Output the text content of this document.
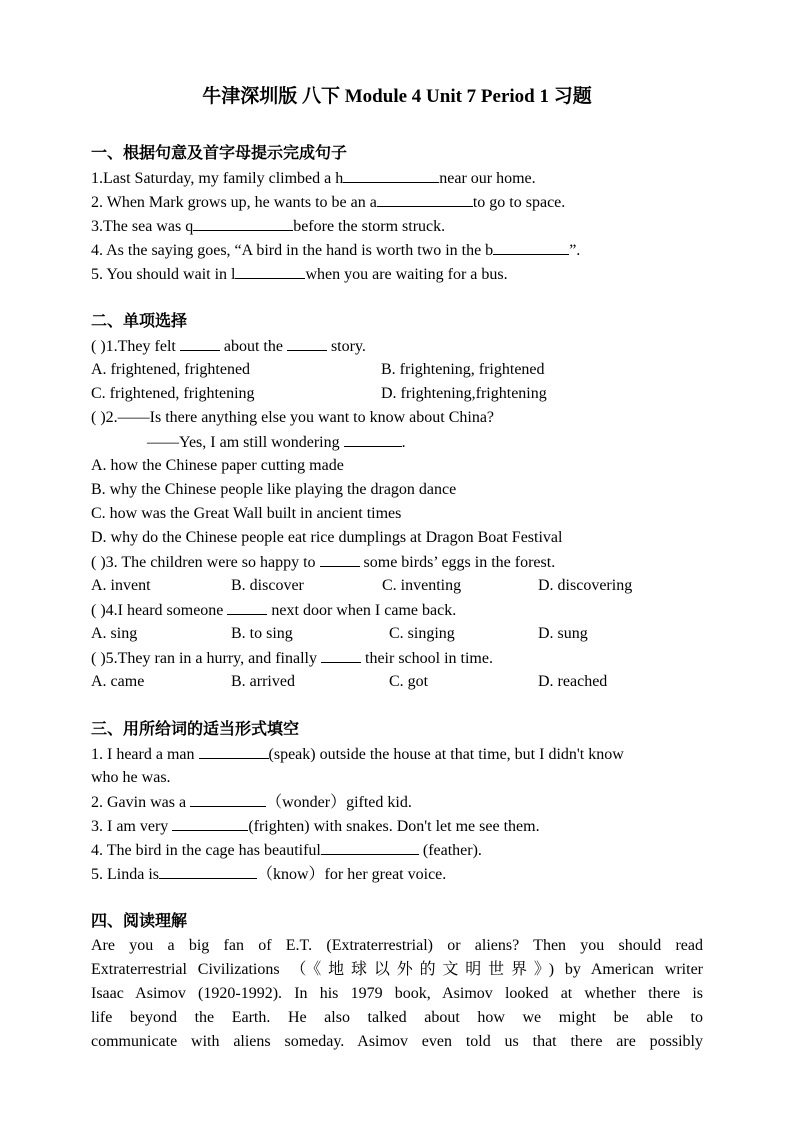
牛津深圳版 八下 Module 4 Unit 7 Period 1 习题
一、根据句意及首字母提示完成句子
1.Last Saturday, my family climbed a h	near our home.
2. When Mark grows up, he wants to be an a	to go to space.
3.The sea was q	before the storm struck.
4. As the saying goes, “A bird in the hand is worth two in the b	”.
5. You should wait in l	when you are waiting for a bus.
二、单项选择
( )1.They felt	about the	story.
A. frightened, frightened	B. frightening, frightened
C. frightened, frightening	D. frightening,frightening
( )2.——Is there anything else you want to know about China?
——Yes, I am still wondering	.
A. how the Chinese paper cutting made
B. why the Chinese people like playing the dragon dance
C. how was the Great Wall built in ancient times
D. why do the Chinese people eat rice dumplings at Dragon Boat Festival
( )3. The children were so happy to	some birds’ eggs in the forest.
A. invent	B. discover	C. inventing	D. discovering
( )4.I heard someone	next door when I came back.
A. sing	B. to sing	C. singing	D. sung
( )5.They ran in a hurry, and finally	their school in time.
A. came	B. arrived	C. got	D. reached
三、用所给词的适当形式填空
1. I heard a man	(speak) outside the house at that time, but I didn't know
who he was.
2. Gavin was a	（wonder）gifted kid.
3. I am very	(frighten) with snakes. Don't let me see them.
4. The bird in the cage has beautiful	(feather).
5. Linda is	（know）for her great voice.
四、阅读理解
Are you a big fan of E.T. (Extraterrestrial) or aliens? Then you should read
Extraterrestrial Civilizations （《地球以外的文明世界》) by American writer
Isaac Asimov (1920-1992). In his 1979 book, Asimov looked at whether there is
life beyond the Earth. He also talked about how we might be able to
communicate with aliens someday. Asimov even told us that there are possibly
